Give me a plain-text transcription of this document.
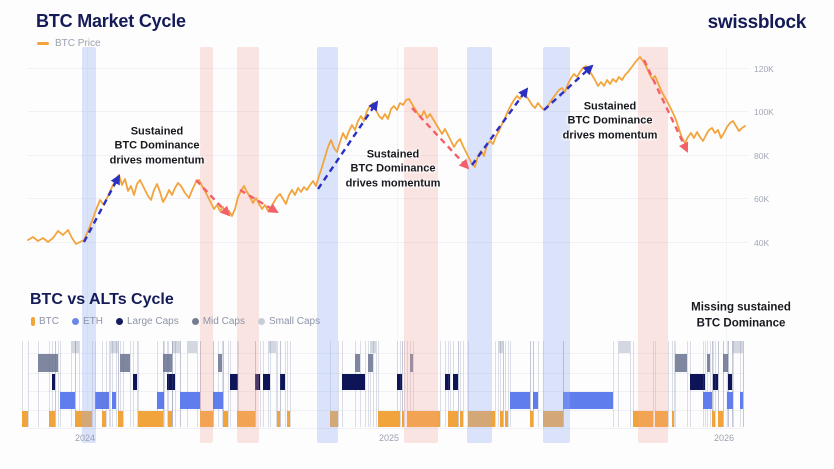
BTC Market Cycle
BTC Price
swissblock
Sustained
BTC Dominance
drives momentum	Sustained
BTC Dominance
drives momentum
Sustained
BTC Dominance
drives momentum
120K
100K
80K
60K
40K
2024	2025	2026
BTC vs ALTs Cycle
BTC ETH Large Caps Mid Caps Small Caps
Missing sustained
BTC Dominance
